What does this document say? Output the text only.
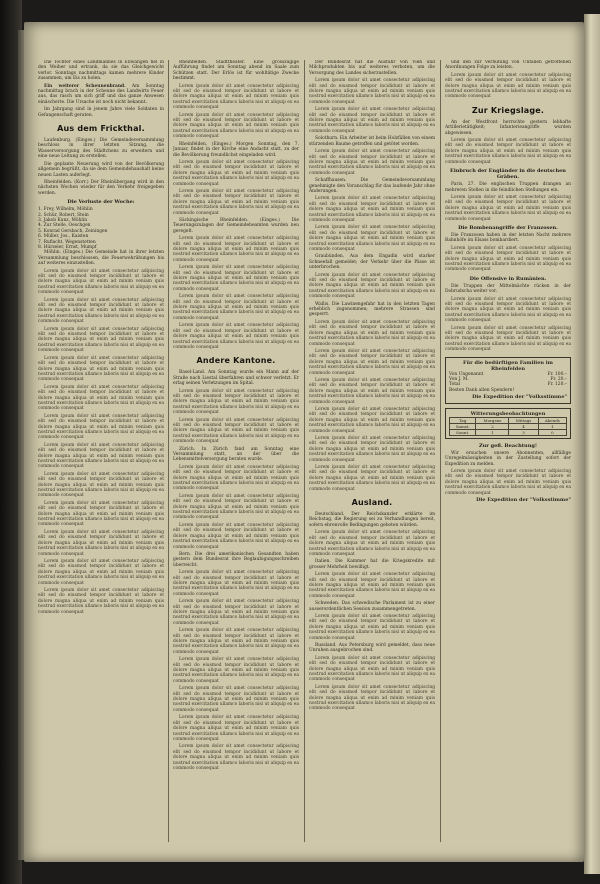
Die Tochter eines Landmannes in Ellwangen fiel in den Weiher und ertrank, da sie das Gleichgewicht verlor. Sonntags nachmittags kamen mehrere Kinder zusammen, um Eis zu holen.

Ein weiterer Scheunenbrand. Am Sonntag nachmittag brach in der Scheune des Landwirts Feuer aus, das rasch um sich griff und das ganze Anwesen einäscherte. Die Ursache ist noch nicht bekannt.

Im Jahrgang sind in jenem Jahre viele Soldaten in Gefangenschaft geraten.

Aus dem Frickthal.

Laufenburg. (Einges.) Die Gemeindeversammlung beschloss in ihrer letzten Sitzung, die Wasserversorgung des Städtchens zu erweitern und eine neue Leitung zu erstellen.

Die geplante Neuerung wird von der Bevölkerung allgemein begrüßt, da sie dem Gemeindehaushalt keine neuen Lasten auferlegt.

Rheinfelden. (Korr.) Der Rheinübergang wird in den nächsten Wochen wieder für den Verkehr freigegeben werden.

Die Verluste der Woche:
1. Frey, Wilhelm, Möhlin
2. Schür, Robert, Stein
3. Jakob Kunz, Möhlin
4. Zur Stelle, Oeschgen
5. Konrad Gersbach, Zeiningen
6. Müller, Jos., Kaisten
7. Ruflacht, Wegenstetten
8. Hürzeler, Ernst, Mumpf

Möhlin. (Einges.) Die Gemeinde hat in ihrer letzten Versammlung beschlossen, die Feuerwehrübungen bis auf weiteres einzustellen.

Lorem ipsum dolor sit amet consectetur adipiscing elit sed do eiusmod tempor incididunt ut labore et dolore magna aliqua ut enim ad minim veniam quis nostrud exercitation ullamco laboris nisi ut aliquip ex ea commodo consequat

Lorem ipsum dolor sit amet consectetur adipiscing elit sed do eiusmod tempor incididunt ut labore et dolore magna aliqua ut enim ad minim veniam quis nostrud exercitation ullamco laboris nisi ut aliquip ex ea commodo consequat

Lorem ipsum dolor sit amet consectetur adipiscing elit sed do eiusmod tempor incididunt ut labore et dolore magna aliqua ut enim ad minim veniam quis nostrud exercitation ullamco laboris nisi ut aliquip ex ea commodo consequat

Lorem ipsum dolor sit amet consectetur adipiscing elit sed do eiusmod tempor incididunt ut labore et dolore magna aliqua ut enim ad minim veniam quis nostrud exercitation ullamco laboris nisi ut aliquip ex ea commodo consequat

Lorem ipsum dolor sit amet consectetur adipiscing elit sed do eiusmod tempor incididunt ut labore et dolore magna aliqua ut enim ad minim veniam quis nostrud exercitation ullamco laboris nisi ut aliquip ex ea commodo consequat

Lorem ipsum dolor sit amet consectetur adipiscing elit sed do eiusmod tempor incididunt ut labore et dolore magna aliqua ut enim ad minim veniam quis nostrud exercitation ullamco laboris nisi ut aliquip ex ea commodo consequat

Lorem ipsum dolor sit amet consectetur adipiscing elit sed do eiusmod tempor incididunt ut labore et dolore magna aliqua ut enim ad minim veniam quis nostrud exercitation ullamco laboris nisi ut aliquip ex ea commodo consequat

Lorem ipsum dolor sit amet consectetur adipiscing elit sed do eiusmod tempor incididunt ut labore et dolore magna aliqua ut enim ad minim veniam quis nostrud exercitation ullamco laboris nisi ut aliquip ex ea commodo consequat

Lorem ipsum dolor sit amet consectetur adipiscing elit sed do eiusmod tempor incididunt ut labore et dolore magna aliqua ut enim ad minim veniam quis nostrud exercitation ullamco laboris nisi ut aliquip ex ea commodo consequat

Lorem ipsum dolor sit amet consectetur adipiscing elit sed do eiusmod tempor incididunt ut labore et dolore magna aliqua ut enim ad minim veniam quis nostrud exercitation ullamco laboris nisi ut aliquip ex ea commodo consequat

Lorem ipsum dolor sit amet consectetur adipiscing elit sed do eiusmod tempor incididunt ut labore et dolore magna aliqua ut enim ad minim veniam quis nostrud exercitation ullamco laboris nisi ut aliquip ex ea commodo consequat

Lorem ipsum dolor sit amet consectetur adipiscing elit sed do eiusmod tempor incididunt ut labore et dolore magna aliqua ut enim ad minim veniam quis nostrud exercitation ullamco laboris nisi ut aliquip ex ea commodo consequat

Rheinfelden. Stadttheater. Eine grosszügige Aufführung findet am Sonntag abend im Saale zum Schützen statt. Der Erlös ist für wohltätige Zwecke bestimmt.

Lorem ipsum dolor sit amet consectetur adipiscing elit sed do eiusmod tempor incididunt ut labore et dolore magna aliqua ut enim ad minim veniam quis nostrud exercitation ullamco laboris nisi ut aliquip ex ea commodo consequat

Lorem ipsum dolor sit amet consectetur adipiscing elit sed do eiusmod tempor incididunt ut labore et dolore magna aliqua ut enim ad minim veniam quis nostrud exercitation ullamco laboris nisi ut aliquip ex ea commodo consequat

Rheinfelden. (Einges.) Morgen Sonntag, den 7. Januar, findet in der Kirche eine Andacht statt, zu der die Bevölkerung freundlichst eingeladen wird.

Lorem ipsum dolor sit amet consectetur adipiscing elit sed do eiusmod tempor incididunt ut labore et dolore magna aliqua ut enim ad minim veniam quis nostrud exercitation ullamco laboris nisi ut aliquip ex ea commodo consequat

Lorem ipsum dolor sit amet consectetur adipiscing elit sed do eiusmod tempor incididunt ut labore et dolore magna aliqua ut enim ad minim veniam quis nostrud exercitation ullamco laboris nisi ut aliquip ex ea commodo consequat

Säckingische Rheinfelden. (Einges.) Die Teuerungszulagen der Gemeindebeamten wurden neu geregelt.

Lorem ipsum dolor sit amet consectetur adipiscing elit sed do eiusmod tempor incididunt ut labore et dolore magna aliqua ut enim ad minim veniam quis nostrud exercitation ullamco laboris nisi ut aliquip ex ea commodo consequat

Lorem ipsum dolor sit amet consectetur adipiscing elit sed do eiusmod tempor incididunt ut labore et dolore magna aliqua ut enim ad minim veniam quis nostrud exercitation ullamco laboris nisi ut aliquip ex ea commodo consequat

Lorem ipsum dolor sit amet consectetur adipiscing elit sed do eiusmod tempor incididunt ut labore et dolore magna aliqua ut enim ad minim veniam quis nostrud exercitation ullamco laboris nisi ut aliquip ex ea commodo consequat

Lorem ipsum dolor sit amet consectetur adipiscing elit sed do eiusmod tempor incididunt ut labore et dolore magna aliqua ut enim ad minim veniam quis nostrud exercitation ullamco laboris nisi ut aliquip ex ea commodo consequat

Andere Kantone.

Basel-Land. Am Sonntag wurde ein Mann auf der Straße nach Liestal überfahren und schwer verletzt. Er erlag seinen Verletzungen im Spital.

Lorem ipsum dolor sit amet consectetur adipiscing elit sed do eiusmod tempor incididunt ut labore et dolore magna aliqua ut enim ad minim veniam quis nostrud exercitation ullamco laboris nisi ut aliquip ex ea commodo consequat

Lorem ipsum dolor sit amet consectetur adipiscing elit sed do eiusmod tempor incididunt ut labore et dolore magna aliqua ut enim ad minim veniam quis nostrud exercitation ullamco laboris nisi ut aliquip ex ea commodo consequat

Zürich. In Zürich fand am Sonntag eine Versammlung statt, an der über die Lebensmittelversorgung beraten wurde.

Lorem ipsum dolor sit amet consectetur adipiscing elit sed do eiusmod tempor incididunt ut labore et dolore magna aliqua ut enim ad minim veniam quis nostrud exercitation ullamco laboris nisi ut aliquip ex ea commodo consequat

Lorem ipsum dolor sit amet consectetur adipiscing elit sed do eiusmod tempor incididunt ut labore et dolore magna aliqua ut enim ad minim veniam quis nostrud exercitation ullamco laboris nisi ut aliquip ex ea commodo consequat

Lorem ipsum dolor sit amet consectetur adipiscing elit sed do eiusmod tempor incididunt ut labore et dolore magna aliqua ut enim ad minim veniam quis nostrud exercitation ullamco laboris nisi ut aliquip ex ea commodo consequat

Bern. Die drei amerikanischen Gesandten haben gestern dem Bundesrat ihre Beglaubigungsschreiben überreicht.

Lorem ipsum dolor sit amet consectetur adipiscing elit sed do eiusmod tempor incididunt ut labore et dolore magna aliqua ut enim ad minim veniam quis nostrud exercitation ullamco laboris nisi ut aliquip ex ea commodo consequat

Lorem ipsum dolor sit amet consectetur adipiscing elit sed do eiusmod tempor incididunt ut labore et dolore magna aliqua ut enim ad minim veniam quis nostrud exercitation ullamco laboris nisi ut aliquip ex ea commodo consequat

Lorem ipsum dolor sit amet consectetur adipiscing elit sed do eiusmod tempor incididunt ut labore et dolore magna aliqua ut enim ad minim veniam quis nostrud exercitation ullamco laboris nisi ut aliquip ex ea commodo consequat

Lorem ipsum dolor sit amet consectetur adipiscing elit sed do eiusmod tempor incididunt ut labore et dolore magna aliqua ut enim ad minim veniam quis nostrud exercitation ullamco laboris nisi ut aliquip ex ea commodo consequat

Lorem ipsum dolor sit amet consectetur adipiscing elit sed do eiusmod tempor incididunt ut labore et dolore magna aliqua ut enim ad minim veniam quis nostrud exercitation ullamco laboris nisi ut aliquip ex ea commodo consequat

Lorem ipsum dolor sit amet consectetur adipiscing elit sed do eiusmod tempor incididunt ut labore et dolore magna aliqua ut enim ad minim veniam quis nostrud exercitation ullamco laboris nisi ut aliquip ex ea commodo consequat

Lorem ipsum dolor sit amet consectetur adipiscing elit sed do eiusmod tempor incididunt ut labore et dolore magna aliqua ut enim ad minim veniam quis nostrud exercitation ullamco laboris nisi ut aliquip ex ea commodo consequat

Der Bundesrat hat die Ausfuhr von Vieh und Milchprodukten bis auf weiteres verboten, um die Versorgung des Landes sicherzustellen.

Lorem ipsum dolor sit amet consectetur adipiscing elit sed do eiusmod tempor incididunt ut labore et dolore magna aliqua ut enim ad minim veniam quis nostrud exercitation ullamco laboris nisi ut aliquip ex ea commodo consequat

Lorem ipsum dolor sit amet consectetur adipiscing elit sed do eiusmod tempor incididunt ut labore et dolore magna aliqua ut enim ad minim veniam quis nostrud exercitation ullamco laboris nisi ut aliquip ex ea commodo consequat

Solothurn. Ein Arbeiter ist beim Holzfällen von einem stürzenden Baume getroffen und getötet worden.

Lorem ipsum dolor sit amet consectetur adipiscing elit sed do eiusmod tempor incididunt ut labore et dolore magna aliqua ut enim ad minim veniam quis nostrud exercitation ullamco laboris nisi ut aliquip ex ea commodo consequat

Schaffhausen. Die Gemeindeversammlung genehmigte den Voranschlag für das laufende Jahr ohne Änderungen.

Lorem ipsum dolor sit amet consectetur adipiscing elit sed do eiusmod tempor incididunt ut labore et dolore magna aliqua ut enim ad minim veniam quis nostrud exercitation ullamco laboris nisi ut aliquip ex ea commodo consequat

Lorem ipsum dolor sit amet consectetur adipiscing elit sed do eiusmod tempor incididunt ut labore et dolore magna aliqua ut enim ad minim veniam quis nostrud exercitation ullamco laboris nisi ut aliquip ex ea commodo consequat

Graubünden. Aus dem Engadin wird starker Schneefall gemeldet; der Verkehr über die Pässe ist unterbrochen.

Lorem ipsum dolor sit amet consectetur adipiscing elit sed do eiusmod tempor incididunt ut labore et dolore magna aliqua ut enim ad minim veniam quis nostrud exercitation ullamco laboris nisi ut aliquip ex ea commodo consequat

Wallis. Die Lawinengefahr hat in den letzten Tagen erheblich zugenommen; mehrere Strassen sind gesperrt.

Lorem ipsum dolor sit amet consectetur adipiscing elit sed do eiusmod tempor incididunt ut labore et dolore magna aliqua ut enim ad minim veniam quis nostrud exercitation ullamco laboris nisi ut aliquip ex ea commodo consequat

Lorem ipsum dolor sit amet consectetur adipiscing elit sed do eiusmod tempor incididunt ut labore et dolore magna aliqua ut enim ad minim veniam quis nostrud exercitation ullamco laboris nisi ut aliquip ex ea commodo consequat

Lorem ipsum dolor sit amet consectetur adipiscing elit sed do eiusmod tempor incididunt ut labore et dolore magna aliqua ut enim ad minim veniam quis nostrud exercitation ullamco laboris nisi ut aliquip ex ea commodo consequat

Lorem ipsum dolor sit amet consectetur adipiscing elit sed do eiusmod tempor incididunt ut labore et dolore magna aliqua ut enim ad minim veniam quis nostrud exercitation ullamco laboris nisi ut aliquip ex ea commodo consequat

Lorem ipsum dolor sit amet consectetur adipiscing elit sed do eiusmod tempor incididunt ut labore et dolore magna aliqua ut enim ad minim veniam quis nostrud exercitation ullamco laboris nisi ut aliquip ex ea commodo consequat

Lorem ipsum dolor sit amet consectetur adipiscing elit sed do eiusmod tempor incididunt ut labore et dolore magna aliqua ut enim ad minim veniam quis nostrud exercitation ullamco laboris nisi ut aliquip ex ea commodo consequat

Ausland.

Deutschland. Der Reichskanzler erklärte im Reichstag, die Regierung sei zu Verhandlungen bereit, sofern ehrenvolle Bedingungen geboten würden.

Lorem ipsum dolor sit amet consectetur adipiscing elit sed do eiusmod tempor incididunt ut labore et dolore magna aliqua ut enim ad minim veniam quis nostrud exercitation ullamco laboris nisi ut aliquip ex ea commodo consequat

Italien. Die Kammer hat die Kriegskredite mit grosser Mehrheit bewilligt.

Lorem ipsum dolor sit amet consectetur adipiscing elit sed do eiusmod tempor incididunt ut labore et dolore magna aliqua ut enim ad minim veniam quis nostrud exercitation ullamco laboris nisi ut aliquip ex ea commodo consequat

Schweden. Das schwedische Parlament ist zu einer ausserordentlichen Session zusammengetreten.

Lorem ipsum dolor sit amet consectetur adipiscing elit sed do eiusmod tempor incididunt ut labore et dolore magna aliqua ut enim ad minim veniam quis nostrud exercitation ullamco laboris nisi ut aliquip ex ea commodo consequat

Russland. Aus Petersburg wird gemeldet, dass neue Unruhen ausgebrochen sind.

Lorem ipsum dolor sit amet consectetur adipiscing elit sed do eiusmod tempor incididunt ut labore et dolore magna aliqua ut enim ad minim veniam quis nostrud exercitation ullamco laboris nisi ut aliquip ex ea commodo consequat

Lorem ipsum dolor sit amet consectetur adipiscing elit sed do eiusmod tempor incididunt ut labore et dolore magna aliqua ut enim ad minim veniam quis nostrud exercitation ullamco laboris nisi ut aliquip ex ea commodo consequat

und den zur Verhütung von Unfällen getroffenen Anordnungen Folge zu leisten.

Lorem ipsum dolor sit amet consectetur adipiscing elit sed do eiusmod tempor incididunt ut labore et dolore magna aliqua ut enim ad minim veniam quis nostrud exercitation ullamco laboris nisi ut aliquip ex ea commodo consequat

Zur Kriegslage.

An der Westfront herrschte gestern lebhafte Artillerietätigkeit; Infanterieangriffe wurden abgewiesen.

Lorem ipsum dolor sit amet consectetur adipiscing elit sed do eiusmod tempor incididunt ut labore et dolore magna aliqua ut enim ad minim veniam quis nostrud exercitation ullamco laboris nisi ut aliquip ex ea commodo consequat

Einbruch der Engländer in die deutschen Gräben.

Paris, 27. Die englischen Truppen drangen an mehreren Stellen in die feindlichen Stellungen ein.

Lorem ipsum dolor sit amet consectetur adipiscing elit sed do eiusmod tempor incididunt ut labore et dolore magna aliqua ut enim ad minim veniam quis nostrud exercitation ullamco laboris nisi ut aliquip ex ea commodo consequat

Die Bombenangriffe der Franzosen.

Die Franzosen haben in der letzten Nacht mehrere Bahnhöfe im Elsass bombardiert.

Lorem ipsum dolor sit amet consectetur adipiscing elit sed do eiusmod tempor incididunt ut labore et dolore magna aliqua ut enim ad minim veniam quis nostrud exercitation ullamco laboris nisi ut aliquip ex ea commodo consequat

Die Offensive in Rumänien.

Die Truppen der Mittelmächte rücken in der Dobrudscha weiter vor.

Lorem ipsum dolor sit amet consectetur adipiscing elit sed do eiusmod tempor incididunt ut labore et dolore magna aliqua ut enim ad minim veniam quis nostrud exercitation ullamco laboris nisi ut aliquip ex ea commodo consequat

Lorem ipsum dolor sit amet consectetur adipiscing elit sed do eiusmod tempor incididunt ut labore et dolore magna aliqua ut enim ad minim veniam quis nostrud exercitation ullamco laboris nisi ut aliquip ex ea commodo consequat

Für die bedürftigen Familien im Rheinfelden
Von Ungenannt	Fr. 100.–
Von J. M.	Fr. 20.–
Total	Fr. 120.–
Besten Dank allen Spendern!
Die Expedition der "Volksstimme"
Witterungsbeobachtungen
Tag	Morgens	Mittags	Abends
Samst.	2	4	1
Sonnt.	1	3	0
Zur gefl. Beachtung!

Wir ersuchen unsere Abonnenten, allfällige Unregelmässigkeiten in der Zustellung sofort der Expedition zu melden.

Lorem ipsum dolor sit amet consectetur adipiscing elit sed do eiusmod tempor incididunt ut labore et dolore magna aliqua ut enim ad minim veniam quis nostrud exercitation ullamco laboris nisi ut aliquip ex ea commodo consequat

Die Expedition der "Volksstimme"
